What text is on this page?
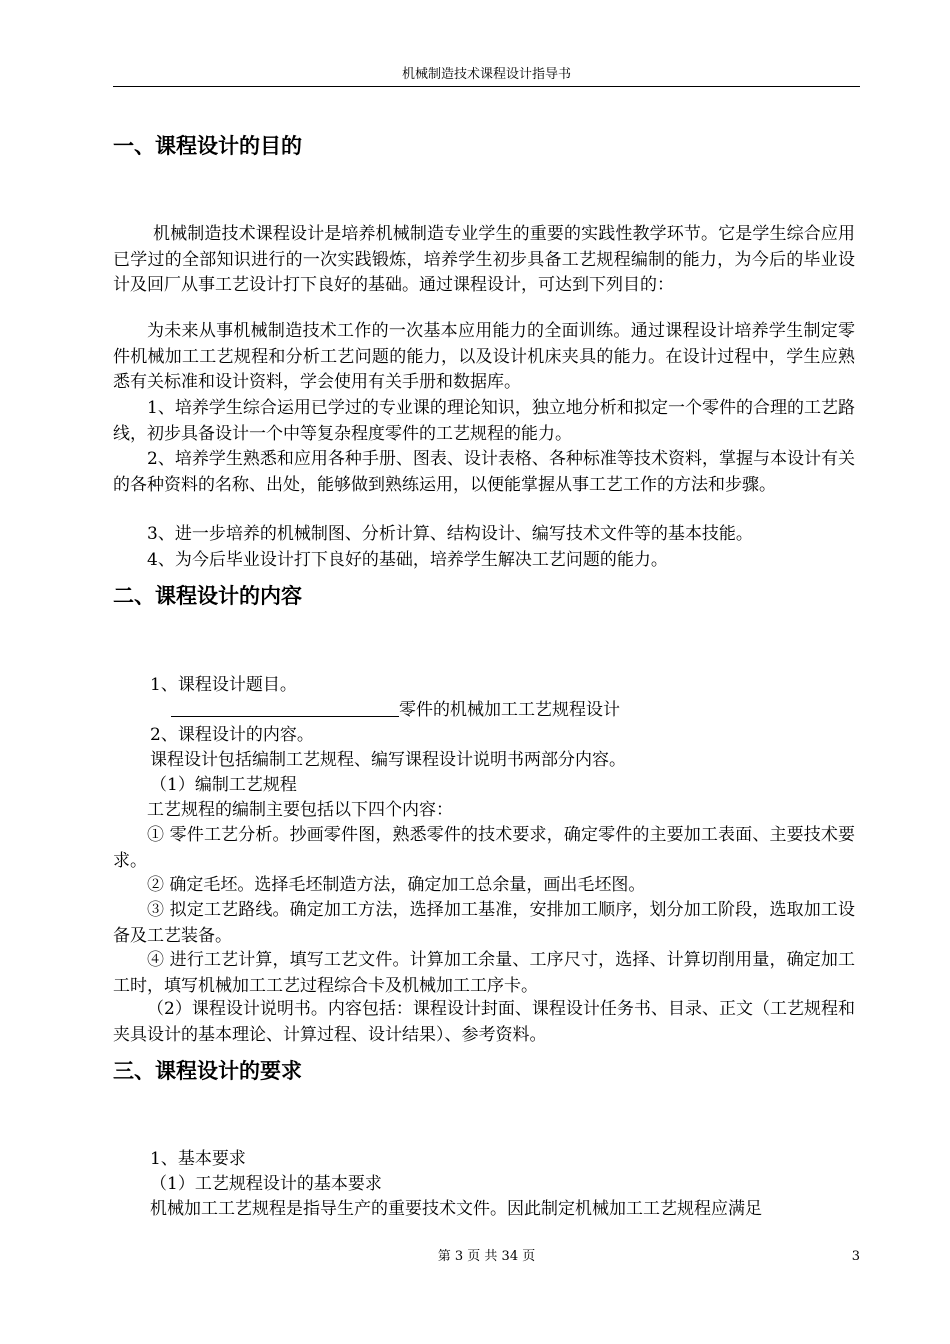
机械制造技术课程设计指导书
一、课程设计的目的

机械制造技术课程设计是培养机械制造专业学生的重要的实践性教学环节。它是学生综合应用已学过的全部知识进行的一次实践锻炼，培养学生初步具备工艺规程编制的能力，为今后的毕业设计及回厂从事工艺设计打下良好的基础。通过课程设计，可达到下列目的：

为未来从事机械制造技术工作的一次基本应用能力的全面训练。通过课程设计培养学生制定零件机械加工工艺规程和分析工艺问题的能力，以及设计机床夹具的能力。在设计过程中，学生应熟悉有关标准和设计资料，学会使用有关手册和数据库。

1、培养学生综合运用已学过的专业课的理论知识，独立地分析和拟定一个零件的合理的工艺路线，初步具备设计一个中等复杂程度零件的工艺规程的能力。

2、培养学生熟悉和应用各种手册、图表、设计表格、各种标准等技术资料，掌握与本设计有关的各种资料的名称、出处，能够做到熟练运用，以便能掌握从事工艺工作的方法和步骤。

3、进一步培养的机械制图、分析计算、结构设计、编写技术文件等的基本技能。

4、为今后毕业设计打下良好的基础，培养学生解决工艺问题的能力。

二、课程设计的内容

1、课程设计题目。

零件的机械加工工艺规程设计

2、课程设计的内容。

课程设计包括编制工艺规程、编写课程设计说明书两部分内容。

（1）编制工艺规程

工艺规程的编制主要包括以下四个内容：

① 零件工艺分析。抄画零件图，熟悉零件的技术要求，确定零件的主要加工表面、主要技术要求。

② 确定毛坯。选择毛坯制造方法，确定加工总余量，画出毛坯图。

③ 拟定工艺路线。确定加工方法，选择加工基准，安排加工顺序，划分加工阶段，选取加工设备及工艺装备。

④ 进行工艺计算，填写工艺文件。计算加工余量、工序尺寸，选择、计算切削用量，确定加工工时，填写机械加工工艺过程综合卡及机械加工工序卡。

（2）课程设计说明书。内容包括：课程设计封面、课程设计任务书、目录、正文（工艺规程和夹具设计的基本理论、计算过程、设计结果）、参考资料。

三、课程设计的要求

1、基本要求

（1）工艺规程设计的基本要求

机械加工工艺规程是指导生产的重要技术文件。因此制定机械加工工艺规程应满足

第 3 页 共 34 页	3
